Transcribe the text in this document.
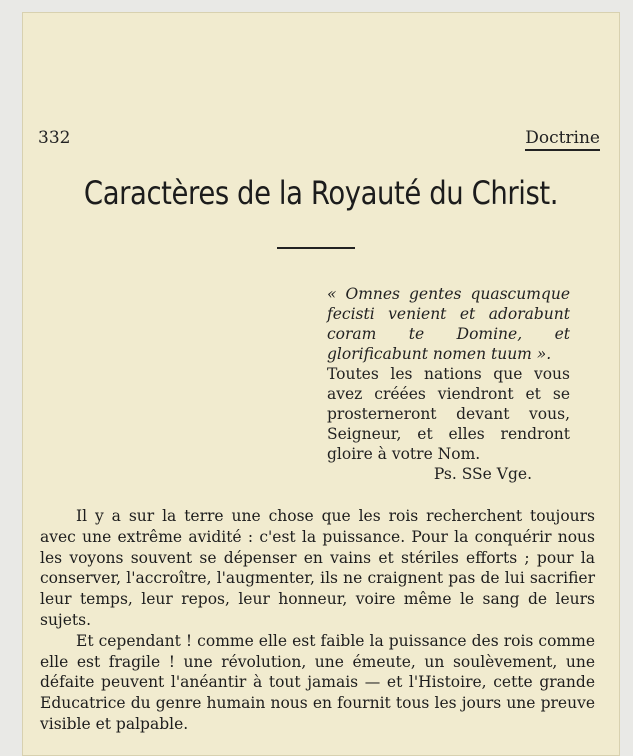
332	Doctrine
Caractères de la Royauté du Christ.
« Omnes gentes quascumque fecisti venient et adorabunt coram te Domine, et glorificabunt nomen tuum ».
Toutes les nations que vous avez créées viendront et se prosterneront devant vous, Seigneur, et elles rendront gloire à votre Nom.
Ps. SSe Vge.

Il y a sur la terre une chose que les rois recherchent toujours avec une extrême avidité : c'est la puissance. Pour la conquérir nous les voyons souvent se dépenser en vains et stériles efforts ; pour la conserver, l'accroître, l'augmenter, ils ne craignent pas de lui sacrifier leur temps, leur repos, leur honneur, voire même le sang de leurs sujets.

Et cependant ! comme elle est faible la puissance des rois comme elle est fragile ! une révolution, une émeute, un soulèvement, une défaite peuvent l'anéantir à tout jamais — et l'Histoire, cette grande Educatrice du genre humain nous en fournit tous les jours une preuve visible et palpable.
